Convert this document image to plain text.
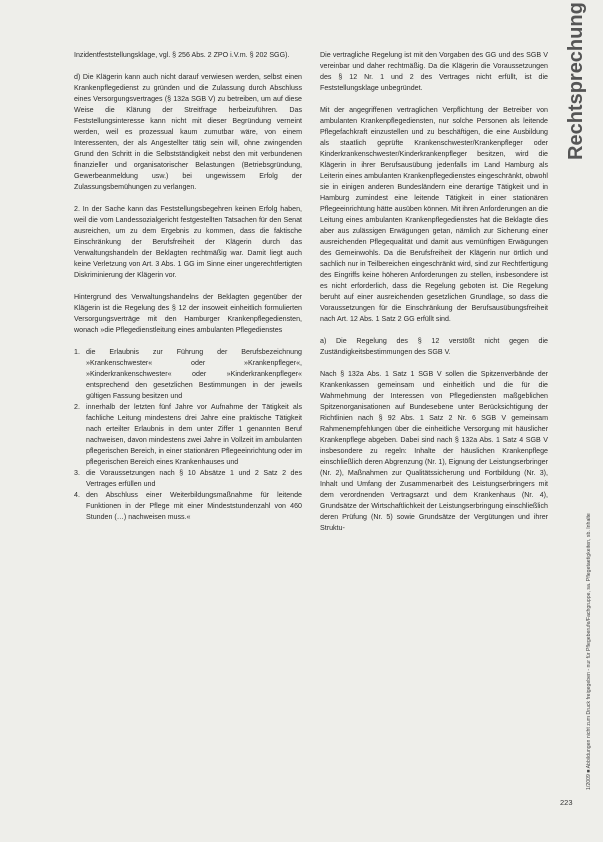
Inzidentfeststellungsklage, vgl. § 256 Abs. 2 ZPO i.V.m. § 202 SGG).

d) Die Klägerin kann auch nicht darauf verwiesen werden, selbst einen Krankenpflegedienst zu gründen und die Zulassung durch Abschluss eines Versorgungsvertrages (§ 132a SGB V) zu betreiben, um auf diese Weise die Klärung der Streitfrage herbeizuführen. Das Feststellungsinteresse kann nicht mit dieser Begründung verneint werden, weil es prozessual kaum zumutbar wäre, von einem Interessenten, der als Angestellter tätig sein will, ohne zwingenden Grund den Schritt in die Selbstständigkeit nebst den mit verbundenen finanzieller und organisatorischer Belastungen (Betriebsgründung, Gewerbeanmeldung usw.) bei ungewissem Erfolg der Zulassungsbemühungen zu verlangen.

2. In der Sache kann das Feststellungsbegehren keinen Erfolg haben, weil die vom Landessozialgericht festgestellten Tatsachen für den Senat ausreichen, um zu dem Ergebnis zu kommen, dass die faktische Einschränkung der Berufsfreiheit der Klägerin durch das Verwaltungshandeln der Beklagten rechtmäßig war. Damit liegt auch keine Verletzung von Art. 3 Abs. 1 GG im Sinne einer ungerechtfertigten Diskriminierung der Klägerin vor.

Hintergrund des Verwaltungshandelns der Beklagten gegenüber der Klägerin ist die Regelung des § 12 der insoweit einheitlich formulierten Versorgungsverträge mit den Hamburger Krankenpflegediensten, wonach »die Pflegedienstleitung eines ambulanten Pflegedienstes

1. die Erlaubnis zur Führung der Berufsbezeichnung »Krankenschwester« oder »Krankenpfleger«, »Kinderkrankenschwester« oder »Kinderkrankenpfleger« entsprechend den gesetzlichen Bestimmungen in der jeweils gültigen Fassung besitzen und
2. innerhalb der letzten fünf Jahre vor Aufnahme der Tätigkeit als fachliche Leitung mindestens drei Jahre eine praktische Tätigkeit nach erteilter Erlaubnis in dem unter Ziffer 1 genannten Beruf nachweisen, davon mindestens zwei Jahre in Vollzeit im ambulanten pflegerischen Bereich, in einer stationären Pflegeeinrichtung oder im pflegerischen Bereich eines Krankenhauses und
3. die Voraussetzungen nach § 10 Absätze 1 und 2 Satz 2 des Vertrages erfüllen und
4. den Abschluss einer Weiterbildungsmaßnahme für leitende Funktionen in der Pflege mit einer Mindeststundenzahl von 460 Stunden (…) nachweisen muss.«

Die vertragliche Regelung ist mit den Vorgaben des GG und des SGB V vereinbar und daher rechtmäßig. Da die Klägerin die Voraussetzungen des § 12 Nr. 1 und 2 des Vertrages nicht erfüllt, ist die Feststellungsklage unbegründet.

Mit der angegriffenen vertraglichen Verpflichtung der Betreiber von ambulanten Krankenpflegediensten, nur solche Personen als leitende Pflegefachkraft einzustellen und zu beschäftigen, die eine Ausbildung als staatlich geprüfte Krankenschwester/Krankenpfleger oder Kinderkrankenschwester/Kinderkrankenpfleger besitzen, wird die Klägerin in ihrer Berufsausübung jedenfalls im Land Hamburg als Leiterin eines ambulanten Krankenpflegedienstes eingeschränkt, obwohl sie in einigen anderen Bundesländern eine derartige Tätigkeit und in Hamburg zumindest eine leitende Tätigkeit in einer stationären Pflegeeinrichtung hätte ausüben können. Mit ihren Anforderungen an die Leitung eines ambulanten Krankenpflegedienstes hat die Beklagte dies aber aus zulässigen Erwägungen getan, nämlich zur Sicherung einer ausreichenden Pflegequalität und damit aus vernünftigen Erwägungen des Gemeinwohls. Da die Berufsfreiheit der Klägerin nur örtlich und sachlich nur in Teilbereichen eingeschränkt wird, sind zur Rechtfertigung des Eingriffs keine höheren Anforderungen zu stellen, insbesondere ist es nicht erforderlich, dass die Regelung geboten ist. Die Regelung beruht auf einer ausreichenden gesetzlichen Grundlage, so dass die Voraussetzungen für die Einschränkung der Berufsausübungsfreiheit nach Art. 12 Abs. 1 Satz 2 GG erfüllt sind.

a) Die Regelung des § 12 verstößt nicht gegen die Zuständigkeitsbestimmungen des SGB V.

Nach § 132a Abs. 1 Satz 1 SGB V sollen die Spitzenverbände der Krankenkassen gemeinsam und einheitlich und die für die Wahrnehmung der Interessen von Pflegediensten maßgeblichen Spitzenorganisationen auf Bundesebene unter Berücksichtigung der Richtlinien nach § 92 Abs. 1 Satz 2 Nr. 6 SGB V gemeinsam Rahmenempfehlungen über die einheitliche Versorgung mit häuslicher Krankenpflege abgeben. Dabei sind nach § 132a Abs. 1 Satz 4 SGB V insbesondere zu regeln: Inhalte der häuslichen Krankenpflege einschließlich deren Abgrenzung (Nr. 1), Eignung der Leistungserbringer (Nr. 2), Maßnahmen zur Qualitätssicherung und Fortbildung (Nr. 3), Inhalt und Umfang der Zusammenarbeit des Leistungserbringers mit dem verordnenden Vertragsarzt und dem Krankenhaus (Nr. 4), Grundsätze der Wirtschaftlichkeit der Leistungserbringung einschließlich deren Prüfung (Nr. 5) sowie Grundsätze der Vergütungen und ihrer Struktu-

Rechtsprechung
1/2009 ■ Abbildungen nicht zum Druck freigegeben - nur für Pflegeberufe/Fachgruppe, sa. Pflegetaetigkeiten, sb. Inhalte
223
